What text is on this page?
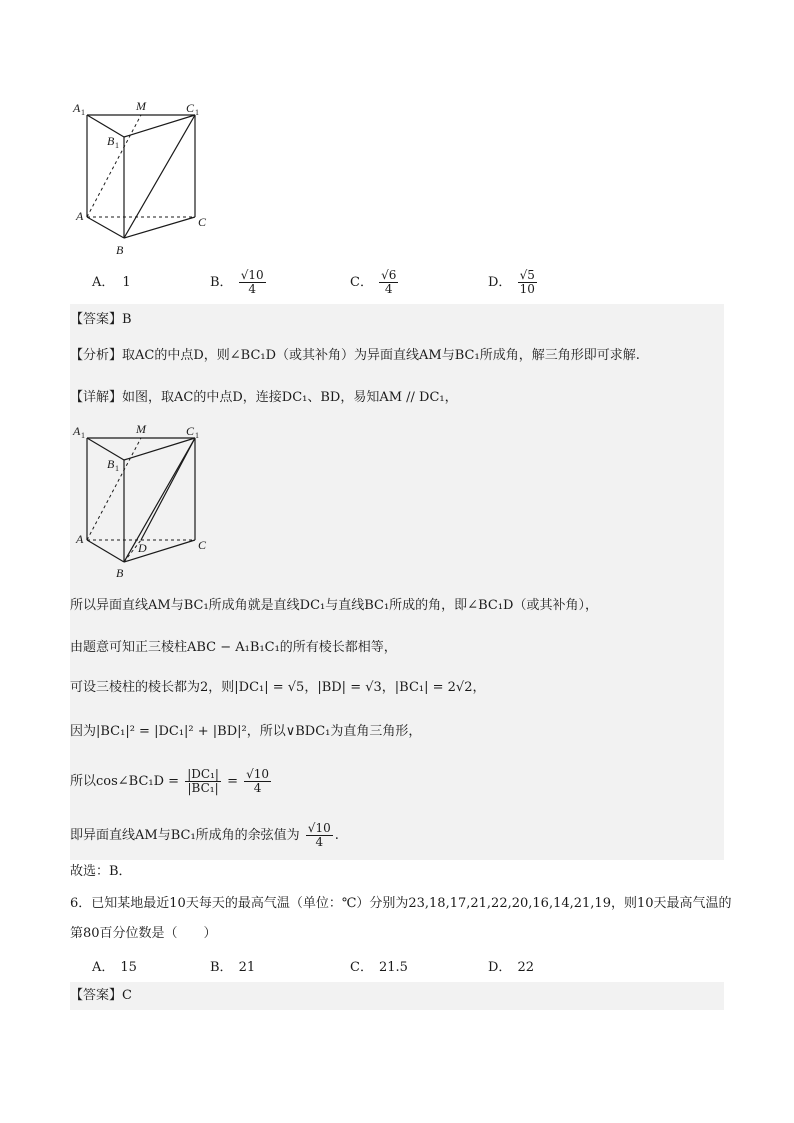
A 1	M	C 1
B 1
A	C
B
A． 1	B． $\frac{√10}{4}$	C． $\frac{√6}{4}$	D． $\frac{√5}{10}$
【答案】B
【分析】取AC的中点D，则∠BC₁D（或其补角）为异面直线AM与BC₁所成角，解三角形即可求解.
【详解】如图，取AC的中点D，连接DC₁、BD，易知AM // DC₁，
A 1	M	C 1
B 1
A	C
D
B
所以异面直线AM与BC₁所成角就是直线DC₁与直线BC₁所成的角，即∠BC₁D（或其补角），
由题意可知正三棱柱ABC − A₁B₁C₁的所有棱长都相等，
可设三棱柱的棱长都为2，则|DC₁| = √5，|BD| = √3，|BC₁| = 2√2，
因为|BC₁|² = |DC₁|² + |BD|²，所以∨BDC₁为直角三角形，
所以cos∠BC₁D = $\frac{\text{|DC₁|}}{\text{|BC₁|}} = \frac{√10}{4}$
即异面直线AM与BC₁所成角的余弦值为 $\frac{√10}{4}$ .
故选：B．
6．已知某地最近10天每天的最高气温（单位：℃）分别为23,18,17,21,22,20,16,14,21,19，则10天最高气温的
第80百分位数是（　　）
A． 15	B． 21	C． 21.5	D． 22
【答案】C
